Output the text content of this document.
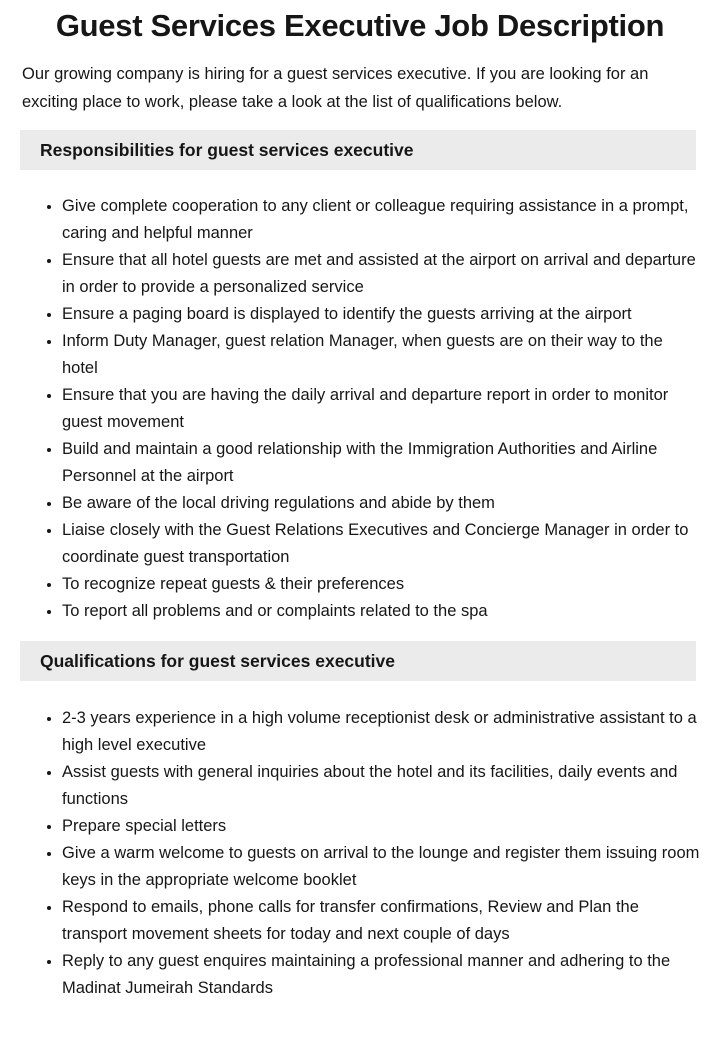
Guest Services Executive Job Description

Our growing company is hiring for a guest services executive. If you are looking for an exciting place to work, please take a look at the list of qualifications below.

Responsibilities for guest services executive
• Give complete cooperation to any client or colleague requiring assistance in a prompt, caring and helpful manner
• Ensure that all hotel guests are met and assisted at the airport on arrival and departure in order to provide a personalized service
• Ensure a paging board is displayed to identify the guests arriving at the airport
• Inform Duty Manager, guest relation Manager, when guests are on their way to the hotel
• Ensure that you are having the daily arrival and departure report in order to monitor guest movement
• Build and maintain a good relationship with the Immigration Authorities and Airline Personnel at the airport
• Be aware of the local driving regulations and abide by them
• Liaise closely with the Guest Relations Executives and Concierge Manager in order to coordinate guest transportation
• To recognize repeat guests & their preferences
• To report all problems and or complaints related to the spa
Qualifications for guest services executive
• 2-3 years experience in a high volume receptionist desk or administrative assistant to a high level executive
• Assist guests with general inquiries about the hotel and its facilities, daily events and functions
• Prepare special letters
• Give a warm welcome to guests on arrival to the lounge and register them issuing room keys in the appropriate welcome booklet
• Respond to emails, phone calls for transfer confirmations, Review and Plan the transport movement sheets for today and next couple of days
• Reply to any guest enquires maintaining a professional manner and adhering to the Madinat Jumeirah Standards
